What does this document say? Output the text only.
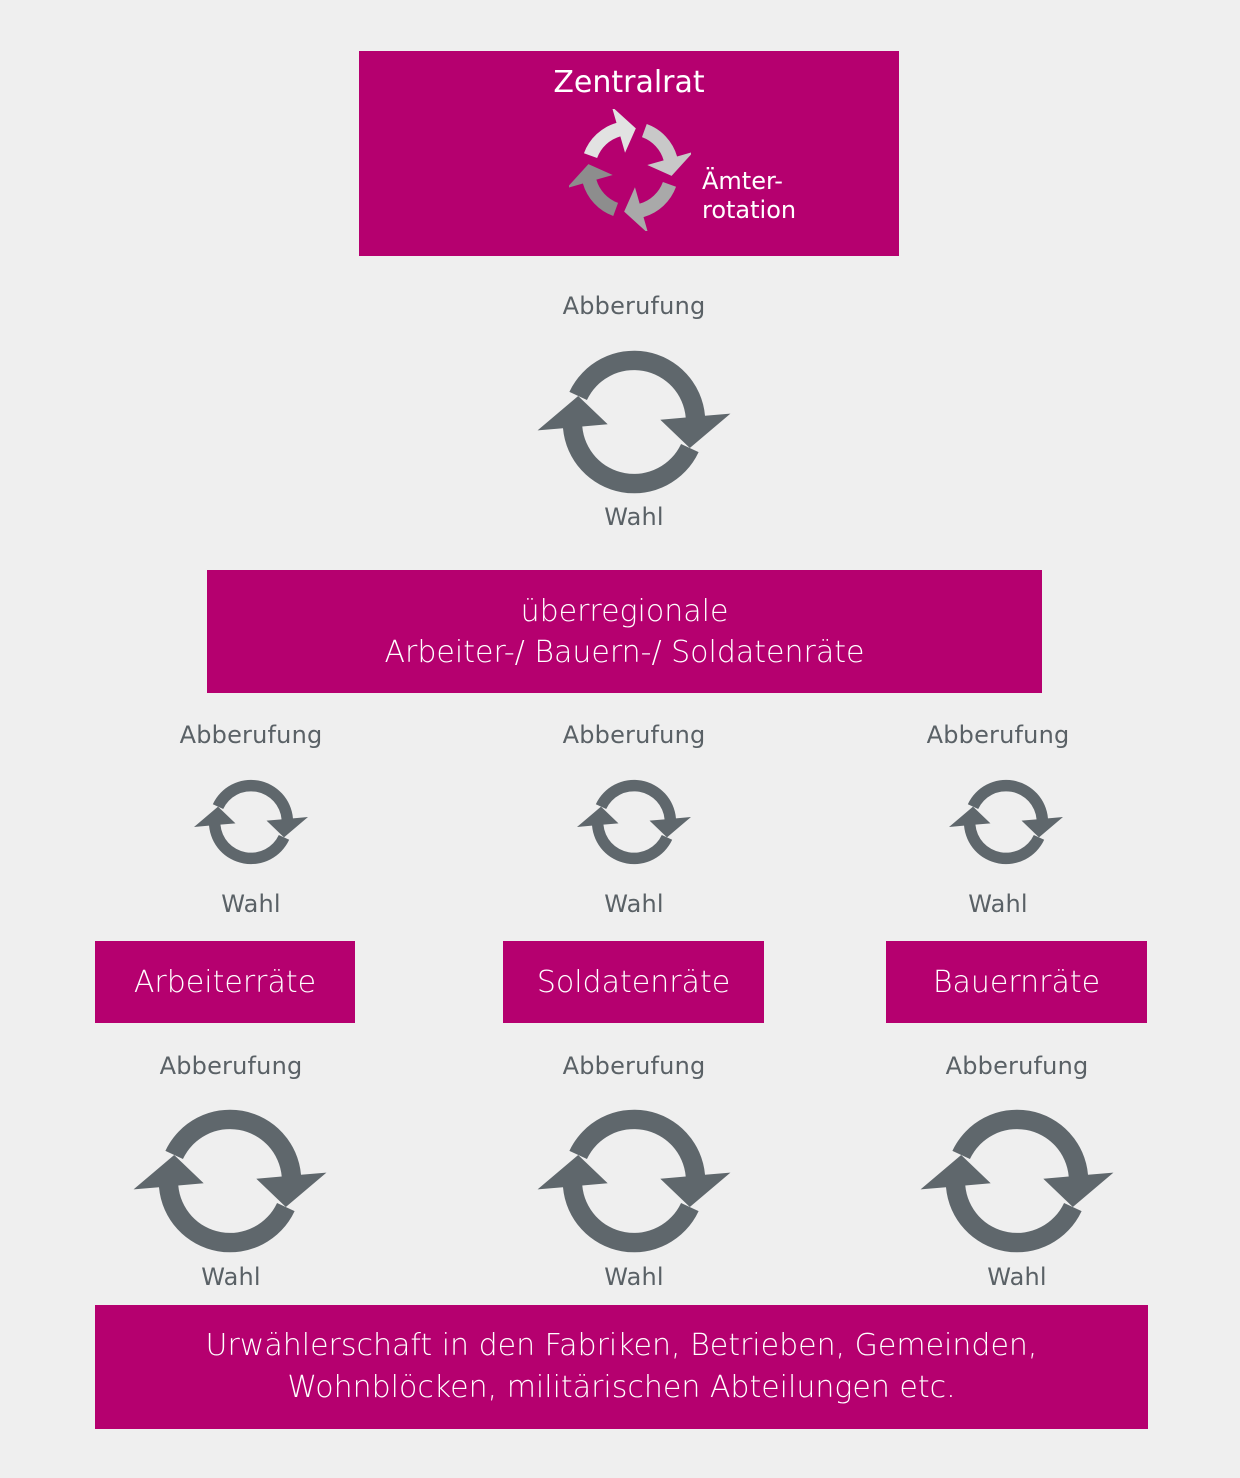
Zentralrat
Ämter-
rotation
Abberufung
Wahl
überregionale
Arbeiter-/ Bauern-/ Soldatenräte
Abberufung
Wahl
Abberufung
Wahl
Abberufung
Wahl
Arbeiterräte	Soldatenräte	Bauernräte
Abberufung
Wahl
Abberufung
Wahl
Abberufung
Wahl
Urwählerschaft in den Fabriken, Betrieben, Gemeinden,
Wohnblöcken, militärischen Abteilungen etc.
